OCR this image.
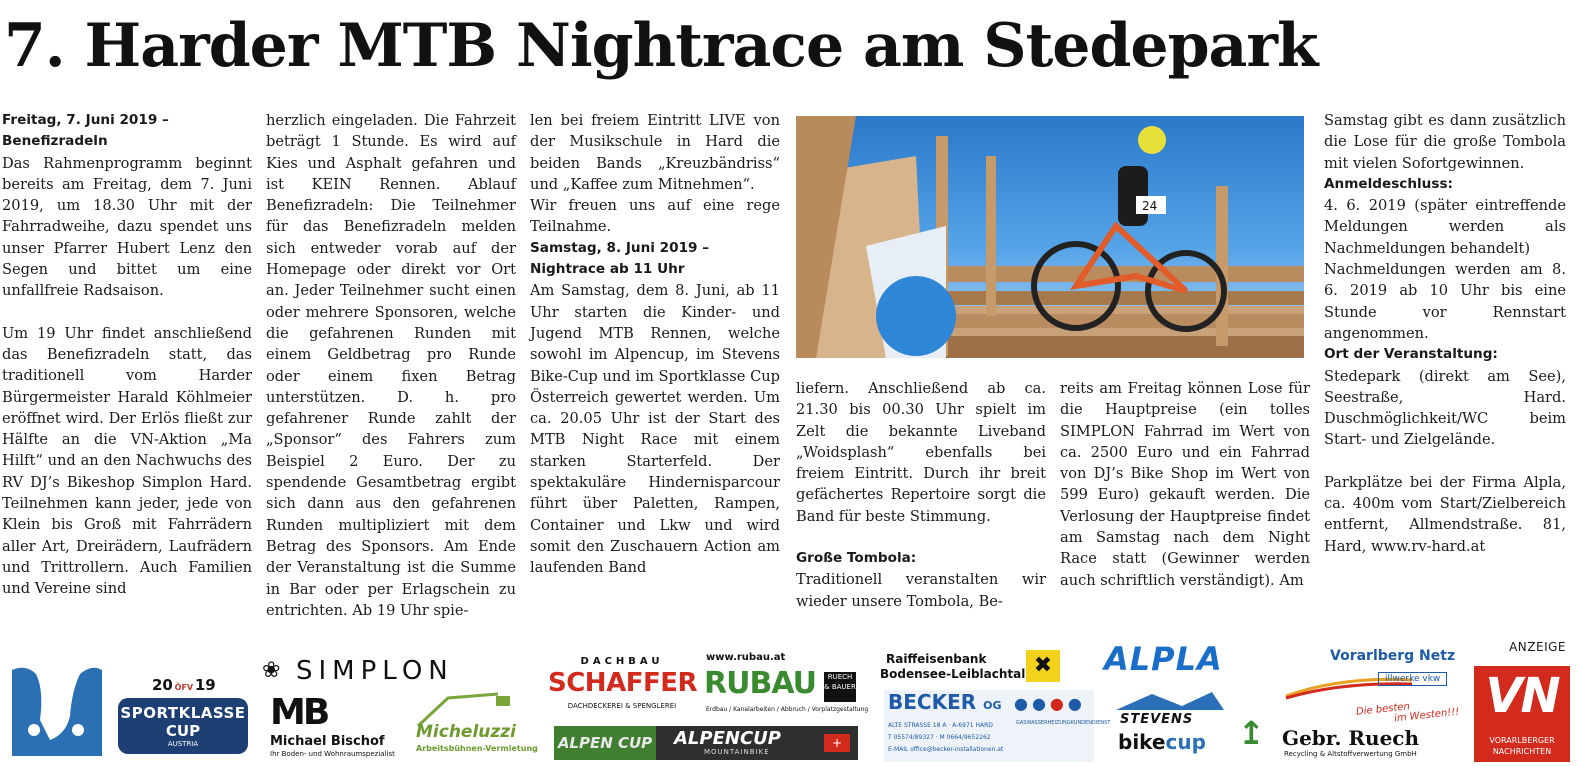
7. Harder MTB Nightrace am Stedepark

Freitag, 7. Juni 2019 –
Benefizradeln

Das Rahmenprogramm beginnt bereits am Freitag, dem 7. Juni 2019, um 18.30 Uhr mit der Fahrradweihe, dazu spendet uns unser Pfarrer Hubert Lenz den Segen und bittet um eine unfallfreie Radsaison.

Um 19 Uhr findet anschließend das Benefizradeln statt, das traditionell vom Harder Bürgermeister Harald Köhlmeier eröffnet wird. Der Erlös fließt zur Hälfte an die VN-Aktion „Ma Hilft“ und an den Nachwuchs des RV DJ’s Bikeshop Simplon Hard. Teilnehmen kann jeder, jede von Klein bis Groß mit Fahrrädern aller Art, Dreirädern, Laufrädern und Trittrollern. Auch Familien und Vereine sind

herzlich eingeladen. Die Fahrzeit beträgt 1 Stunde. Es wird auf Kies und Asphalt gefahren und ist KEIN Rennen. Ablauf Benefizradeln: Die Teilnehmer für das Benefizradeln melden sich entweder vorab auf der Homepage oder direkt vor Ort an. Jeder Teilnehmer sucht einen oder mehrere Sponsoren, welche die gefahrenen Runden mit einem Geldbetrag pro Runde oder einem fixen Betrag unterstützen. D. h. pro gefahrener Runde zahlt der „Sponsor“ des Fahrers zum Beispiel 2 Euro. Der zu spendende Gesamtbetrag ergibt sich dann aus den gefahrenen Runden multipliziert mit dem Betrag des Sponsors. Am Ende der Veranstaltung ist die Summe in Bar oder per Erlagschein zu entrichten. Ab 19 Uhr spie-

len bei freiem Eintritt LIVE von der Musikschule in Hard die beiden Bands „Kreuzbändriss“ und „Kaffee zum Mitnehmen“.

Wir freuen uns auf eine rege Teilnahme.

Samstag, 8. Juni 2019 –
Nightrace ab 11 Uhr

Am Samstag, dem 8. Juni, ab 11 Uhr starten die Kinder- und Jugend MTB Rennen, welche sowohl im Alpencup, im Stevens Bike-Cup und im Sportklasse Cup Österreich gewertet werden. Um ca. 20.05 Uhr ist der Start des MTB Night Race mit einem starken Starterfeld. Der spektakuläre Hindernisparcour führt über Paletten, Rampen, Container und Lkw und wird somit den Zuschauern Action am laufenden Band

24

liefern. Anschließend ab ca. 21.30 bis 00.30 Uhr spielt im Zelt die bekannte Liveband „Woidsplash“ ebenfalls bei freiem Eintritt. Durch ihr breit gefächertes Repertoire sorgt die Band für beste Stimmung.

Große Tombola:

Traditionell veranstalten wir wieder unsere Tombola, Be-

reits am Freitag können Lose für die Hauptpreise (ein tolles SIMPLON Fahrrad im Wert von ca. 2500 Euro und ein Fahrrad von DJ’s Bike Shop im Wert von 599 Euro) gekauft werden. Die Verlosung der Hauptpreise findet am Samstag nach dem Night Race statt (Gewinner werden auch schriftlich verständigt). Am

Samstag gibt es dann zusätzlich die Lose für die große Tombola mit vielen Sofortgewinnen.

Anmeldeschluss:

4. 6. 2019 (später eintreffende Meldungen werden als Nachmeldungen behandelt)

Nachmeldungen werden am 8. 6. 2019 ab 10 Uhr bis eine Stunde vor Rennstart angenommen.

Ort der Veranstaltung:

Stedepark (direkt am See), Seestraße, Hard. Duschmöglichkeit/WC beim Start- und Zielgelände.

Parkplätze bei der Firma Alpla, ca. 400m vom Start/Zielbereich entfernt, Allmendstraße. 81, Hard, www.rv-hard.at

ANZEIGE
20 ÖFV 19
SPORTKLASSE
CUP
AUSTRIA
❀ SIMPLON
MB
Michael Bischof
Ihr Boden- und Wohnraumspezialist
Micheluzzi
Arbeitsbühnen-Vermietung
DACHBAU
SCHAFFER
DACHDECKEREI & SPENGLEREI
www.rubau.at
RUBAU	RUECH
& BAUER
Erdbau / Kanalarbeiten / Abbruch / Vorplatzgestaltung
ALPEN CUP ALPENCUP
MOUNTAINBIKE
+
Raiffeisenbank
Bodensee-Leiblachtal ✖
BECKER OG
ALTE STRASSE 18 A · A-6971 HARD
T 05574/89327 · M 0664/9652262
E-MAIL office@becker-installationen.at
●●●●
GAS WASSER HEIZUNG KUNDENDIENST
ALPLA
STEVENS
bikecup
Vorarlberg Netz
illwerke vkw
↥
Die besten
im Westen!!!
Gebr. Ruech
Recycling & Altstoffverwertung GmbH
VN
VORARLBERGER
NACHRICHTEN
